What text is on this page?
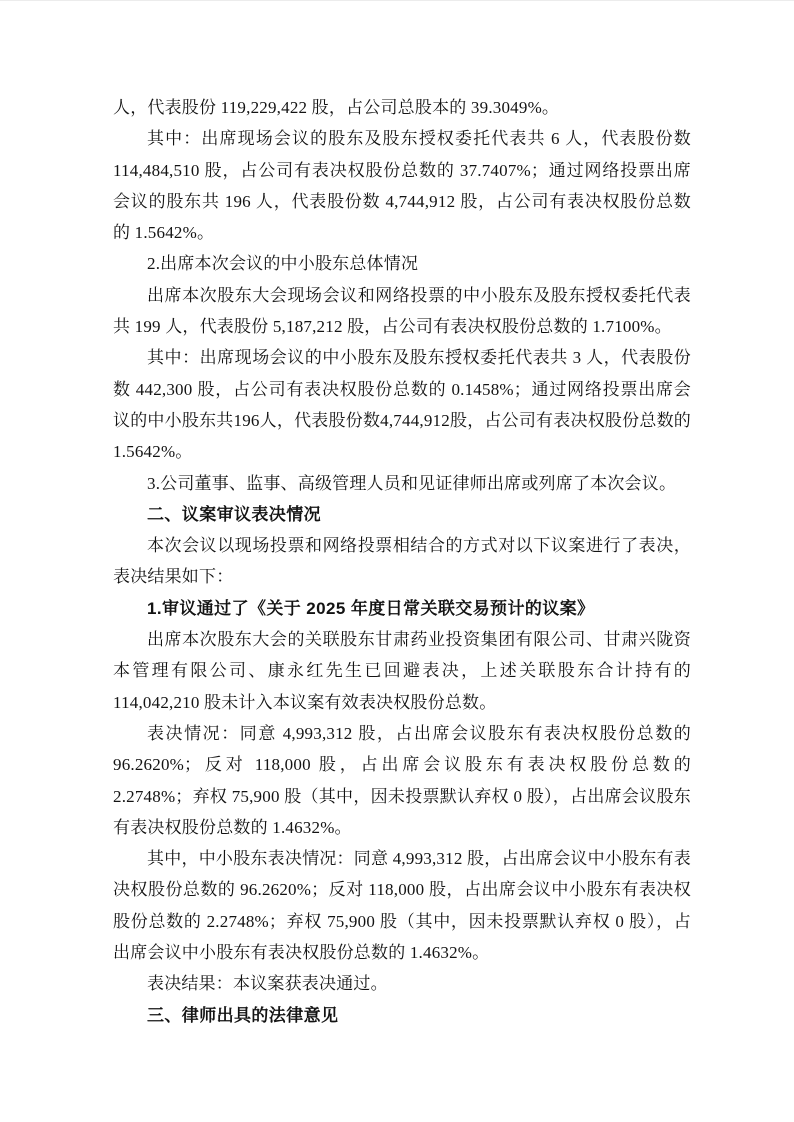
人，代表股份 119,229,422 股，占公司总股本的 39.3049%。

其中：出席现场会议的股东及股东授权委托代表共 6 人，代表股份数 114,484,510 股，占公司有表决权股份总数的 37.7407%；通过网络投票出席会议的股东共 196 人，代表股份数 4,744,912 股，占公司有表决权股份总数的 1.5642%。

2.出席本次会议的中小股东总体情况

出席本次股东大会现场会议和网络投票的中小股东及股东授权委托代表共 199 人，代表股份 5,187,212 股，占公司有表决权股份总数的 1.7100%。

其中：出席现场会议的中小股东及股东授权委托代表共 3 人，代表股份数 442,300 股，占公司有表决权股份总数的 0.1458%；通过网络投票出席会议的中小股东共196人，代表股份数4,744,912股，占公司有表决权股份总数的1.5642%。

3.公司董事、监事、高级管理人员和见证律师出席或列席了本次会议。

二、议案审议表决情况

本次会议以现场投票和网络投票相结合的方式对以下议案进行了表决，表决结果如下：

1.审议通过了《关于 2025 年度日常关联交易预计的议案》

出席本次股东大会的关联股东甘肃药业投资集团有限公司、甘肃兴陇资本管理有限公司、康永红先生已回避表决，上述关联股东合计持有的 114,042,210 股未计入本议案有效表决权股份总数。

表决情况：同意 4,993,312 股，占出席会议股东有表决权股份总数的 96.2620%；反对 118,000 股，占出席会议股东有表决权股份总数的 2.2748%；弃权 75,900 股（其中，因未投票默认弃权 0 股），占出席会议股东有表决权股份总数的 1.4632%。

其中，中小股东表决情况：同意 4,993,312 股，占出席会议中小股东有表决权股份总数的 96.2620%；反对 118,000 股，占出席会议中小股东有表决权股份总数的 2.2748%；弃权 75,900 股（其中，因未投票默认弃权 0 股），占出席会议中小股东有表决权股份总数的 1.4632%。

表决结果：本议案获表决通过。

三、律师出具的法律意见
